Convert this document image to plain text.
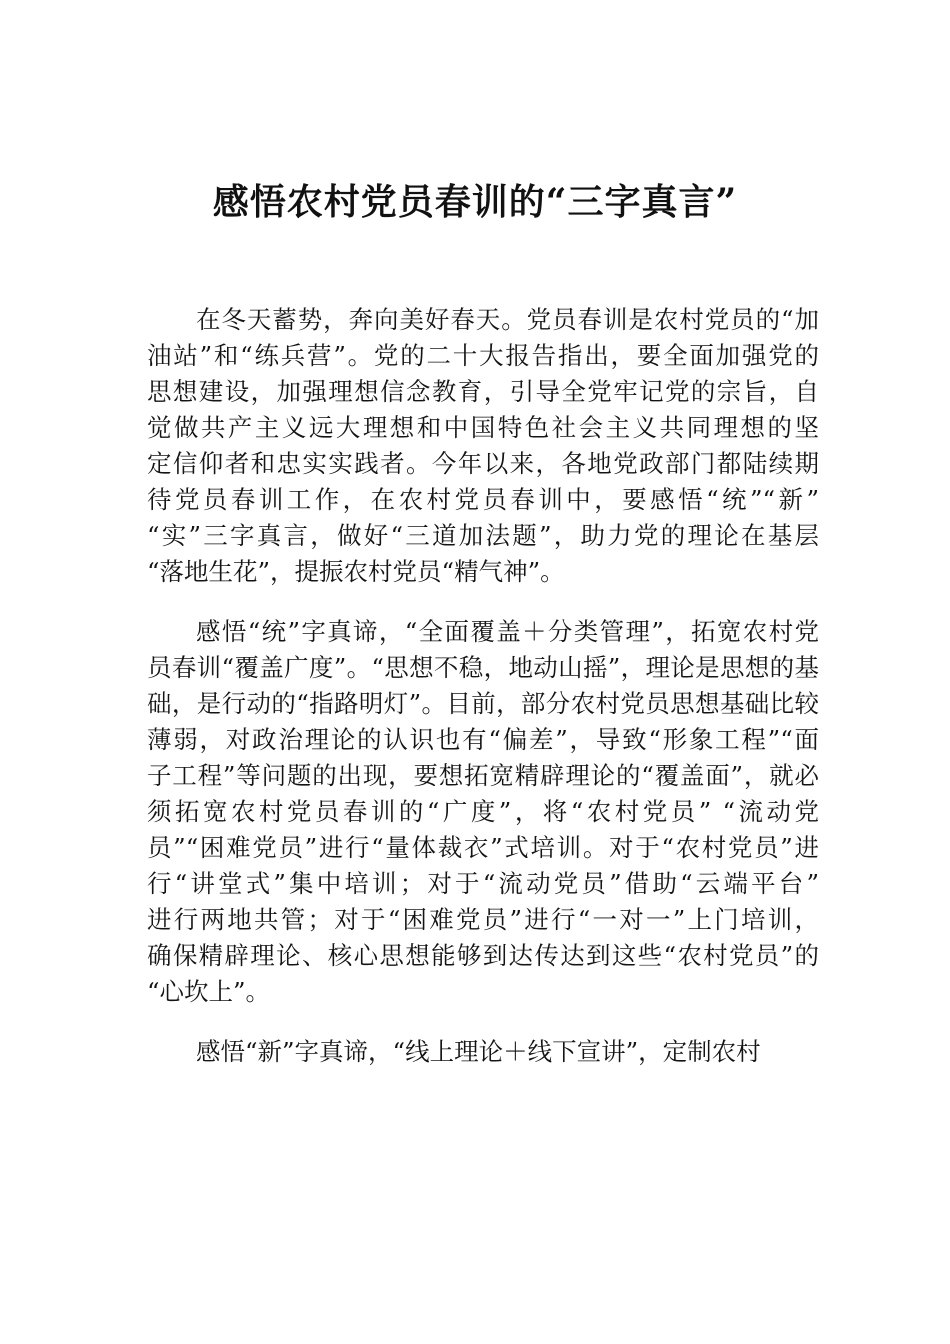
感悟农村党员春训的“三字真言”

在冬天蓄势，奔向美好春天。党员春训是农村党员的“加

油站”和“练兵营”。党的二十大报告指出，要全面加强党的

思想建设，加强理想信念教育，引导全党牢记党的宗旨，自

觉做共产主义远大理想和中国特色社会主义共同理想的坚

定信仰者和忠实实践者。今年以来，各地党政部门都陆续期

待党员春训工作，在农村党员春训中，要感悟“统”“新”

“实”三字真言，做好“三道加法题”，助力党的理论在基层

“落地生花”，提振农村党员“精气神”。

感悟“统”字真谛，“全面覆盖＋分类管理”，拓宽农村党

员春训“覆盖广度”。“思想不稳，地动山摇”，理论是思想的基

础，是行动的“指路明灯”。目前，部分农村党员思想基础比较

薄弱，对政治理论的认识也有“偏差”，导致“形象工程”“面

子工程”等问题的出现，要想拓宽精辟理论的“覆盖面”，就必

须拓宽农村党员春训的“广度”，将“农村党员” “流动党

员”“困难党员”进行“量体裁衣”式培训。对于“农村党员”进

行“讲堂式”集中培训；对于“流动党员”借助“云端平台”

进行两地共管；对于“困难党员”进行“一对一”上门培训，

确保精辟理论、核心思想能够到达传达到这些“农村党员”的

“心坎上”。

感悟“新”字真谛，“线上理论＋线下宣讲”，定制农村
